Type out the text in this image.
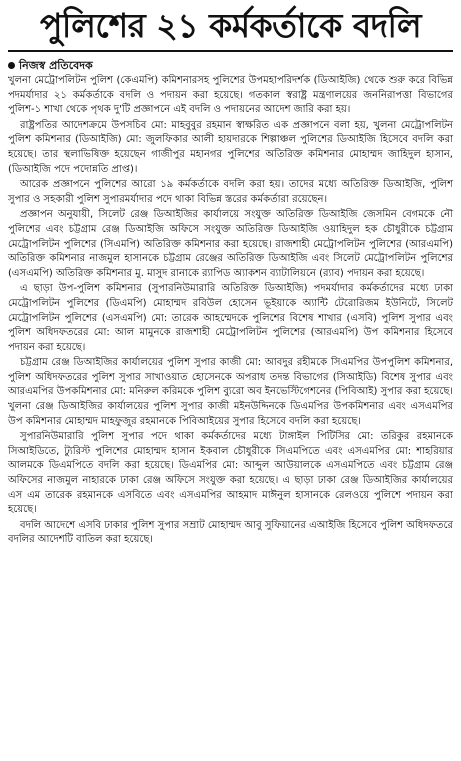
পুলিশের ২১ কর্মকর্তাকে বদলি
নিজস্ব প্রতিবেদক

খুলনা মেট্রোপলিটন পুলিশ (কেএমপি) কমিশনারসহ পুলিশের উপমহাপরিদর্শক (ডিআইজি) থেকে শুরু করে বিভিন্ন পদমর্যাদার ২১ কর্মকর্তাকে বদলি ও পদায়ন করা হয়েছে। গতকাল স্বরাষ্ট্র মন্ত্রণালয়ের জননিরাপত্তা বিভাগের পুলিশ-১ শাখা থেকে পৃথক দু'টি প্রজ্ঞাপনে এই বদলি ও পদায়নের আদেশ জারি করা হয়।

রাষ্ট্রপতির আদেশক্রমে উপসচিব মো: মাহবুবুর রহমান স্বাক্ষরিত এক প্রজ্ঞাপনে বলা হয়, খুলনা মেট্রোপলিটন পুলিশ কমিশনার (ডিআইজি) মো: জুলফিকার আলী হায়দারকে শিল্পাঞ্চল পুলিশের ডিআইজি হিসেবে বদলি করা হয়েছে। তার স্থলাভিষিক্ত হয়েছেন গাজীপুর মহানগর পুলিশের অতিরিক্ত কমিশনার মোহাম্মদ জাহিদুল হাসান, (ডিআইজি পদে পদোন্নতি প্রাপ্ত)।

আরেক প্রজ্ঞাপনে পুলিশের আরো ১৯ কর্মকর্তাকে বদলি করা হয়। তাদের মধ্যে অতিরিক্ত ডিআইজি, পুলিশ সুপার ও সহকারী পুলিশ সুপারমর্যাদার পদে থাকা বিভিন্ন স্তরের কর্মকর্তারা রয়েছেন।

প্রজ্ঞাপন অনুযায়ী, সিলেট রেঞ্জ ডিআইজির কার্যালয়ে সংযুক্ত অতিরিক্ত ডিআইজি জেসমিন বেগমকে নৌ পুলিশের এবং চট্টগ্রাম রেঞ্জ ডিআইজি অফিসে সংযুক্ত অতিরিক্ত ডিআইজি ওয়াহিদুল হক চৌধুরীকে চট্টগ্রাম মেট্রোপলিটন পুলিশের (সিএমপি) অতিরিক্ত কমিশনার করা হয়েছে। রাজশাহী মেট্রোপলিটন পুলিশের (আরএমপি) অতিরিক্ত কমিশনার নাজমুল হাসানকে চট্টগ্রাম রেঞ্জের অতিরিক্ত ডিআইজি এবং সিলেট মেট্রোপলিটন পুলিশের (এসএমপি) অতিরিক্ত কমিশনার মু. মাসুদ রানাকে র‌্যাপিড অ্যাকশন ব্যাটালিয়নে (র‌্যাব) পদায়ন করা হয়েছে।

এ ছাড়া উপ-পুলিশ কমিশনার (সুপারনিউমারারি অতিরিক্ত ডিআইজি) পদমর্যাদার কর্মকর্তাদের মধ্যে ঢাকা মেট্রোপলিটন পুলিশের (ডিএমপি) মোহাম্মদ রবিউল হোসেন ভূইয়াকে অ্যান্টি টেরোরিজম ইউনিটে, সিলেট মেট্রোপলিটন পুলিশের (এসএমপি) মো: তারেক আহম্মেদকে পুলিশের বিশেষ শাখার (এসবি) পুলিশ সুপার এবং পুলিশ অধিদফতরের মো: আল মামুনকে রাজশাহী মেট্রোপলিটন পুলিশের (আরএমপি) উপ কমিশনার হিসেবে পদায়ন করা হয়েছে।

চট্টগ্রাম রেঞ্জ ডিআইজির কার্যালয়ের পুলিশ সুপার কাজী মো: আবদুর রহীমকে সিএমপির উপপুলিশ কমিশনার, পুলিশ অধিদফতরের পুলিশ সুপার সাখাওয়াত হোসেনকে অপরাধ তদন্ত বিভাগের (সিআইডি) বিশেষ সুপার এবং আরএমপির উপকমিশনার মো: মনিরুল করিমকে পুলিশ ব্যুরো অব ইনভেস্টিগেশনের (পিবিআই) সুপার করা হয়েছে। খুলনা রেঞ্জ ডিআইজির কার্যালয়ের পুলিশ সুপার কাজী মইনউদ্দিনকে ডিএমপির উপকমিশনার এবং এসএমপির উপ কমিশনার মোহাম্মদ মাহফুজুর রহমানকে পিবিআইয়ের সুপার হিসেবে বদলি করা হয়েছে।

সুপারনিউমারারি পুলিশ সুপার পদে থাকা কর্মকর্তাদের মধ্যে টাঙ্গাইল পিটিসির মো: তরিকুর রহমানকে সিআইডিতে, ট্যুরিস্ট পুলিশের মোহাম্মদ হাসান ইকবাল চৌধুরীকে সিএমপিতে এবং এসএমপির মো: শাহরিয়ার আলমকে ডিএমপিতে বদলি করা হয়েছে। ডিএমপির মো: আব্দুল আউয়ালকে এসএমপিতে এবং চট্টগ্রাম রেঞ্জ অফিসের নাজমুল নাহারকে ঢাকা রেঞ্জ অফিসে সংযুক্ত করা হয়েছে। এ ছাড়া ঢাকা রেঞ্জ ডিআইজির কার্যালয়ের এস এম তারেক রহমানকে এসবিতে এবং এসএমপির আহমাদ মাঈনুল হাসানকে রেলওয়ে পুলিশে পদায়ন করা হয়েছে।

বদলি আদেশে এসবি ঢাকার পুলিশ সুপার সম্রাট মোহাম্মদ আবু সুফিয়ানের এআইজি হিসেবে পুলিশ অধিদফতরে বদলির আদেশটি বাতিল করা হয়েছে।
